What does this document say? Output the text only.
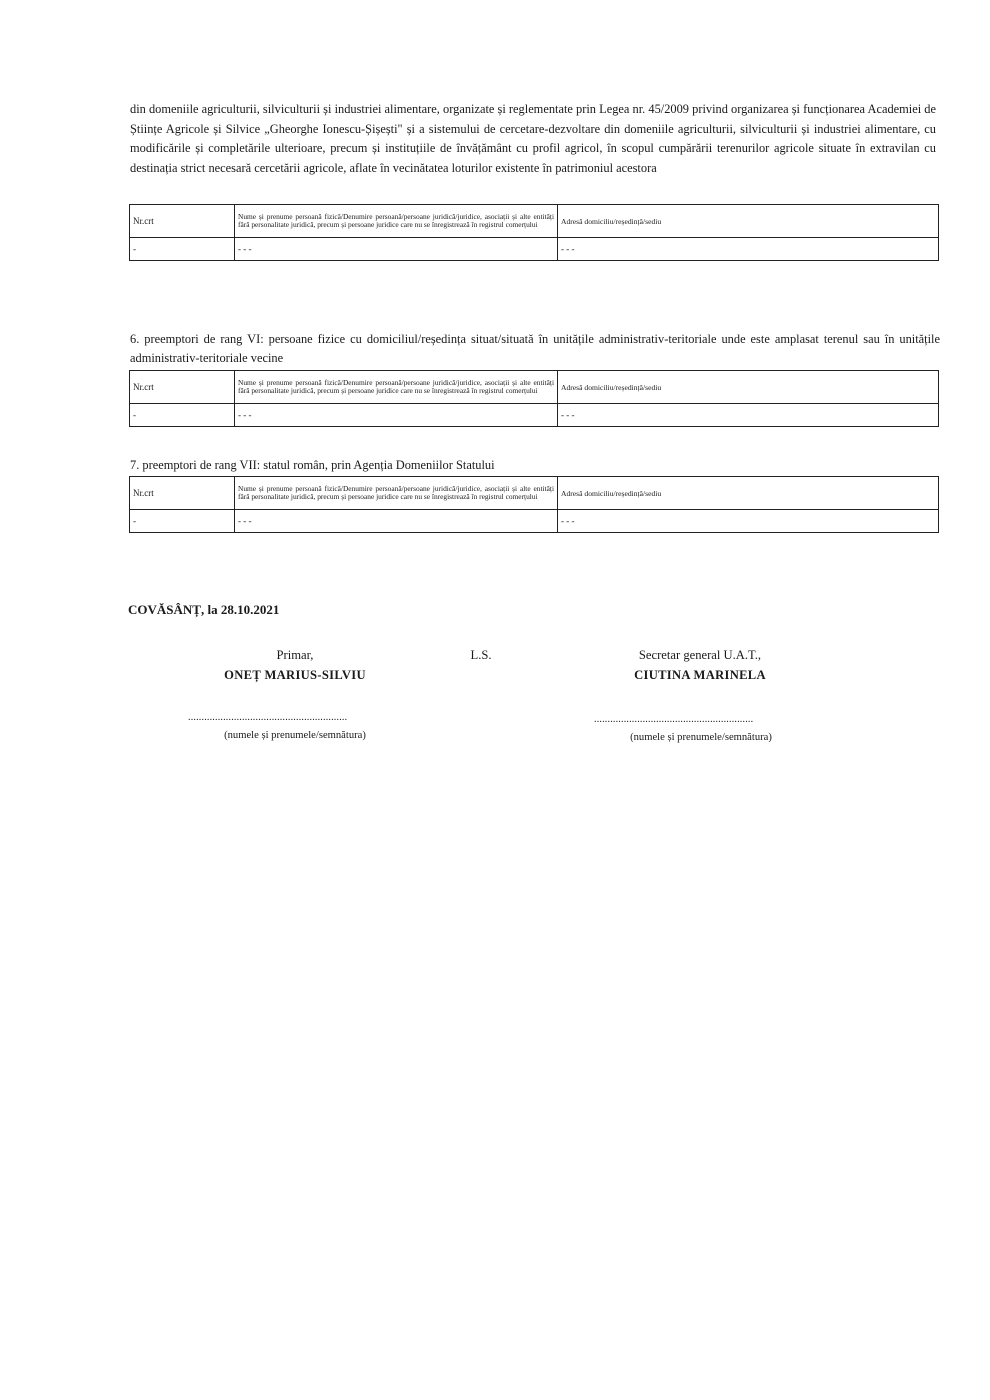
din domeniile agriculturii, silviculturii și industriei alimentare, organizate și reglementate prin Legea nr. 45/2009 privind organizarea și funcționarea Academiei de Științe Agricole și Silvice „Gheorghe Ionescu-Șișești" și a sistemului de cercetare-dezvoltare din domeniile agriculturii, silviculturii și industriei alimentare, cu modificările și completările ulterioare, precum și instituțiile de învățământ cu profil agricol, în scopul cumpărării terenurilor agricole situate în extravilan cu destinația strict necesară cercetării agricole, aflate în vecinătatea loturilor existente în patrimoniul acestora

Nr.crt	Nume și prenume persoană fizică/Denumire persoană/persoane juridică/juridice, asociații și alte entități fără personalitate juridică, precum și persoane juridice care nu se înregistrează în registrul comerțului	Adresă domiciliu/reședință/sediu
-	- - -	- - -

6. preemptori de rang VI: persoane fizice cu domiciliul/reședința situat/situată în unitățile administrativ-teritoriale unde este amplasat terenul sau în unitățile administrativ-teritoriale vecine

Nr.crt	Nume și prenume persoană fizică/Denumire persoană/persoane juridică/juridice, asociații și alte entități fără personalitate juridică, precum și persoane juridice care nu se înregistrează în registrul comerțului	Adresă domiciliu/reședință/sediu
-	- - -	- - -

7. preemptori de rang VII: statul român, prin Agenția Domeniilor Statului

Nr.crt	Nume și prenume persoană fizică/Denumire persoană/persoane juridică/juridice, asociații și alte entități fără personalitate juridică, precum și persoane juridice care nu se înregistrează în registrul comerțului	Adresă domiciliu/reședință/sediu
-	- - -	- - -
COVĂSÂNȚ, la 28.10.2021
Primar,
ONEȚ MARIUS-SILVIU
L.S.	Secretar general U.A.T.,
CIUTINA MARINELA
...........................................................	...........................................................
(numele și prenumele/semnătura)	(numele și prenumele/semnătura)
